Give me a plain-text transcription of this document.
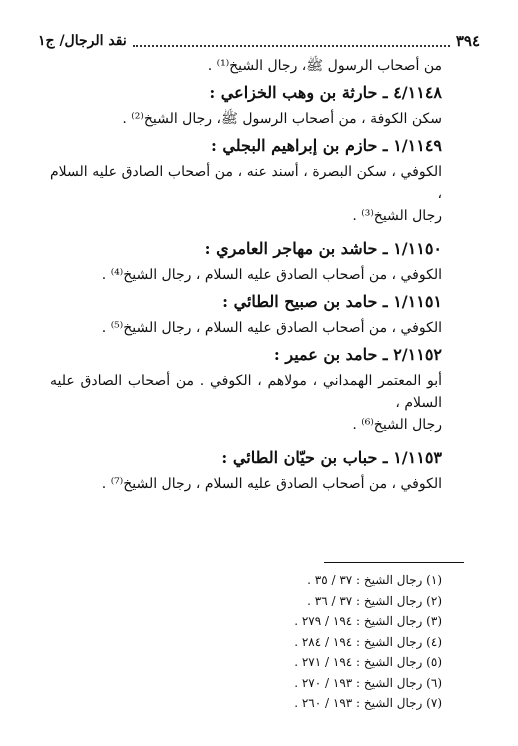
٣٩٤
نقد الرجال/ ج١

من أصحاب الرسول ﷺ، رجال الشيخ⁽¹⁾ .

٤/١١٤٨ ـ حارثة بن وهب الخزاعي :

سكن الكوفة ، من أصحاب الرسول ﷺ، رجال الشيخ⁽²⁾ .

١/١١٤٩ ـ حازم بن إبراهيم البجلي :

الكوفي ، سكن البصرة ، أسند عنه ، من أصحاب الصادق عليه السلام ،

رجال الشيخ⁽³⁾ .

١/١١٥٠ ـ حاشد بن مهاجر العامري :

الكوفي ، من أصحاب الصادق عليه السلام ، رجال الشيخ⁽⁴⁾ .

١/١١٥١ ـ حامد بن صبيح الطائي :

الكوفي ، من أصحاب الصادق عليه السلام ، رجال الشيخ⁽⁵⁾ .

٢/١١٥٢ ـ حامد بن عمير :

أبو المعتمر الهمداني ، مولاهم ، الكوفي . من أصحاب الصادق عليه السلام ،

رجال الشيخ⁽⁶⁾ .

١/١١٥٣ ـ حباب بن حيّان الطائي :

الكوفي ، من أصحاب الصادق عليه السلام ، رجال الشيخ⁽⁷⁾ .

(١) رجال الشيخ : ٣٧ / ٣٥ .
(٢) رجال الشيخ : ٣٧ / ٣٦ .
(٣) رجال الشيخ : ١٩٤ / ٢٧٩ .
(٤) رجال الشيخ : ١٩٤ / ٢٨٤ .
(٥) رجال الشيخ : ١٩٤ / ٢٧١ .
(٦) رجال الشيخ : ١٩٣ / ٢٧٠ .
(٧) رجال الشيخ : ١٩٣ / ٢٦٠ .
